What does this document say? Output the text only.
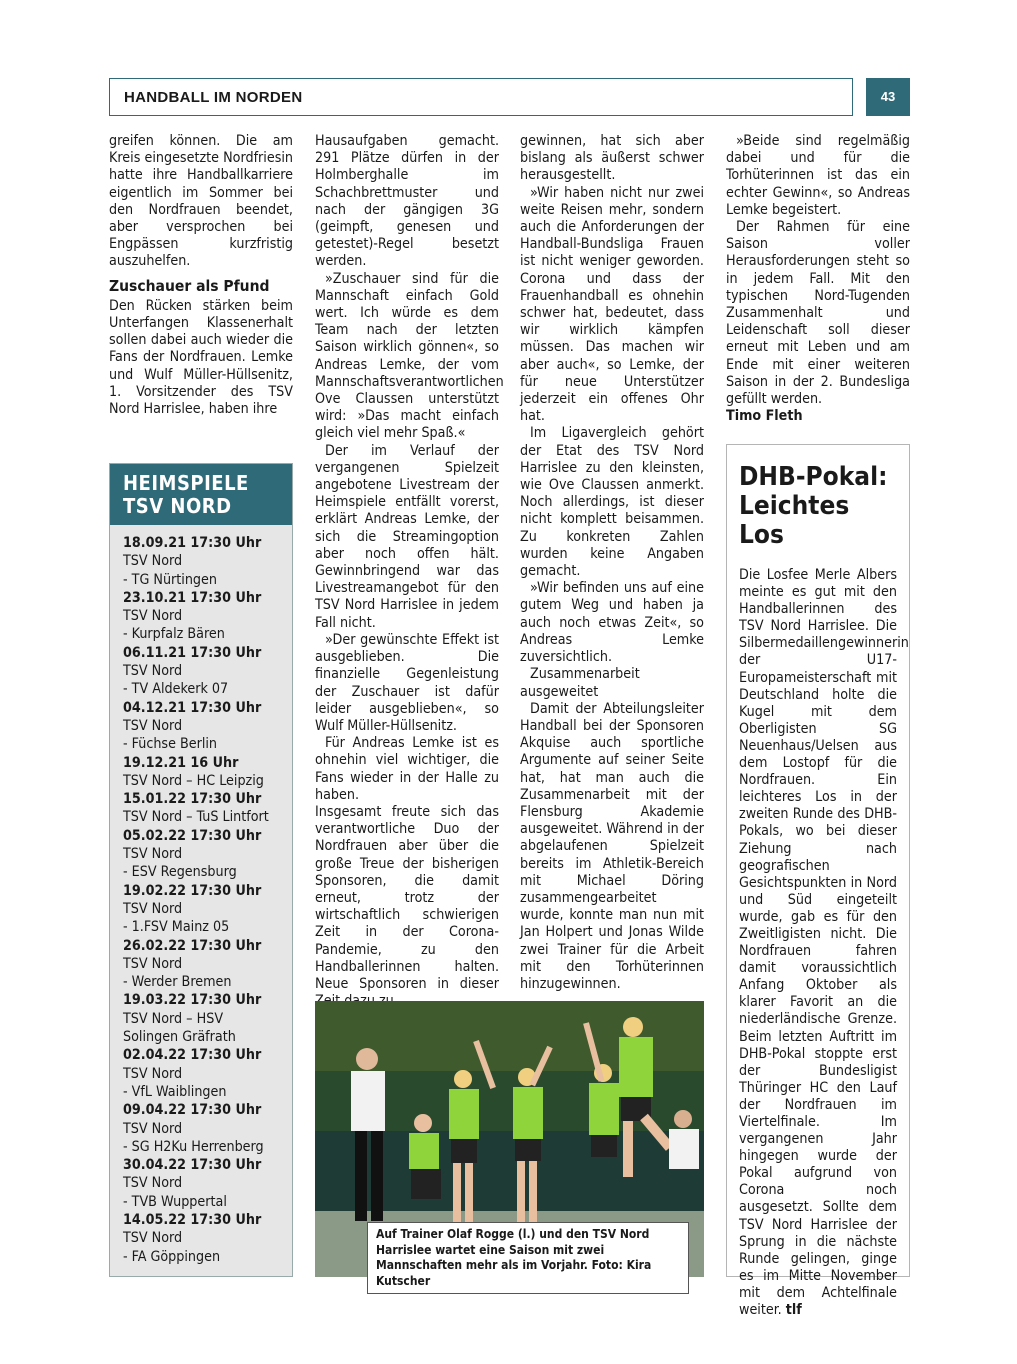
HANDBALL IM NORDEN	43

greifen können. Die am Kreis eingesetzte Nordfriesin hatte ihre Handballkarriere eigentlich im Sommer bei den Nordfrauen beendet, aber versprochen bei Engpässen kurzfristig auszuhelfen.

Zuschauer als Pfund

Den Rücken stärken beim Unterfangen Klassenerhalt sollen dabei auch wieder die Fans der Nordfrauen. Lemke und Wulf Müller-Hüllsenitz, 1. Vorsitzender des TSV Nord Harrislee, haben ihre

HEIMSPIELE
TSV NORD
18.09.21 17:30 Uhr
TSV Nord
- TG Nürtingen
23.10.21 17:30 Uhr
TSV Nord
- Kurpfalz Bären
06.11.21 17:30 Uhr
TSV Nord
- TV Aldekerk 07
04.12.21 17:30 Uhr
TSV Nord
- Füchse Berlin
19.12.21 16 Uhr
TSV Nord – HC Leipzig
15.01.22 17:30 Uhr
TSV Nord – TuS Lintfort
05.02.22 17:30 Uhr
TSV Nord
- ESV Regensburg
19.02.22 17:30 Uhr
TSV Nord
- 1.FSV Mainz 05
26.02.22 17:30 Uhr
TSV Nord
- Werder Bremen
19.03.22 17:30 Uhr
TSV Nord – HSV Solingen Gräfrath
02.04.22 17:30 Uhr
TSV Nord
- VfL Waiblingen
09.04.22 17:30 Uhr
TSV Nord
- SG H2Ku Herrenberg
30.04.22 17:30 Uhr
TSV Nord
- TVB Wuppertal
14.05.22 17:30 Uhr
TSV Nord
- FA Göppingen

Hausaufgaben gemacht. 291 Plätze dürfen in der Holmberghalle im Schachbrettmuster und nach der gängigen 3G (geimpft, genesen und getestet)-Regel besetzt werden.

»Zuschauer sind für die Mannschaft einfach Gold wert. Ich würde es dem Team nach der letzten Saison wirklich gönnen«, so Andreas Lemke, der vom Mannschaftsverantwortlichen Ove Claussen unterstützt wird: »Das macht einfach gleich viel mehr Spaß.«

Der im Verlauf der vergangenen Spielzeit angebotene Livestream der Heimspiele entfällt vorerst, erklärt Andreas Lemke, der sich die Streamingoption aber noch offen hält. Gewinnbringend war das Livestreamangebot für den TSV Nord Harrislee in jedem Fall nicht.

»Der gewünschte Effekt ist ausgeblieben. Die finanzielle Gegenleistung der Zuschauer ist dafür leider ausgeblieben«, so Wulf Müller-Hüllsenitz.

Für Andreas Lemke ist es ohnehin viel wichtiger, die Fans wieder in der Halle zu haben.

Insgesamt freute sich das verantwortliche Duo der Nordfrauen aber über die große Treue der bisherigen Sponsoren, die damit erneut, trotz der wirtschaftlich schwierigen Zeit in der Corona-Pandemie, zu den Handballerinnen halten. Neue Sponsoren in dieser

gewinnen, hat sich aber bislang als äußerst schwer herausgestellt.

»Wir haben nicht nur zwei weite Reisen mehr, sondern auch die Anforderungen der Handball-Bundsliga Frauen ist nicht weniger geworden. Corona und dass der Frauenhandball es ohnehin schwer hat, bedeutet, dass wir wirklich kämpfen müssen. Das machen wir aber auch«, so Lemke, der für neue Unterstützer jederzeit ein offenes Ohr hat.

Im Ligavergleich gehört der Etat des TSV Nord Harrislee zu den kleinsten, wie Ove Claussen anmerkt. Noch allerdings, ist dieser nicht komplett beisammen. Zu konkreten Zahlen wurden keine Angaben gemacht.

»Wir befinden uns auf eine gutem Weg und haben ja auch noch etwas Zeit«, so Andreas Lemke zuversichtlich.

Zusammenarbeit ausgeweitet

Damit der Abteilungsleiter Handball bei der Sponsoren Akquise auch sportliche Argumente auf seiner Seite hat, hat man auch die Zusammenarbeit mit der Flensburg Akademie ausgeweitet. Während in der abgelaufenen Spielzeit bereits im Athletik-Bereich mit Michael Döring zusammengearbeitet wurde, konnte man nun mit Jan Holpert und Jonas Wilde zwei Trainer für die Arbeit mit den Torhüterinnen hinzugewinnen.

»Beide sind regelmäßig dabei und für die Torhüterinnen ist das ein echter Gewinn«, so Andreas Lemke begeistert.

Der Rahmen für eine Saison voller Herausforderungen steht so in jedem Fall. Mit den typischen Nord-Tugenden Zusammenhalt und Leidenschaft soll dieser erneut mit Leben und am Ende mit einer weiteren Saison in der 2. Bundesliga gefüllt werden.

Timo Fleth

Auf Trainer Olaf Rogge (l.) und den TSV Nord Harrislee wartet eine Saison mit zwei Mannschaften mehr als im Vorjahr. Foto: Kira Kutscher
DHB-Pokal: Leichtes Los

Die Losfee Merle Albers meinte es gut mit den Handballerinnen des TSV Nord Harrislee. Die Silbermedaillengewinnerin der U17-Europameisterschaft mit Deutschland holte die Kugel mit dem Oberligisten SG Neuenhaus/Uelsen aus dem Lostopf für die Nordfrauen. Ein leichteres Los in der zweiten Runde des DHB-Pokals, wo bei dieser Ziehung nach geografischen Gesichtspunkten in Nord und Süd eingeteilt wurde, gab es für den Zweitligisten nicht. Die Nordfrauen fahren damit voraussichtlich Anfang Oktober als klarer Favorit an die niederländische Grenze. Beim letzten Auftritt im DHB-Pokal stoppte erst der Bundesligist Thüringer HC den Lauf der Nordfrauen im Viertelfinale. Im vergangenen Jahr hingegen wurde der Pokal aufgrund von Corona noch ausgesetzt. Sollte dem TSV Nord Harrislee der Sprung in die nächste Runde gelingen, ginge es im Mitte November mit dem Achtelfinale weiter. tlf
